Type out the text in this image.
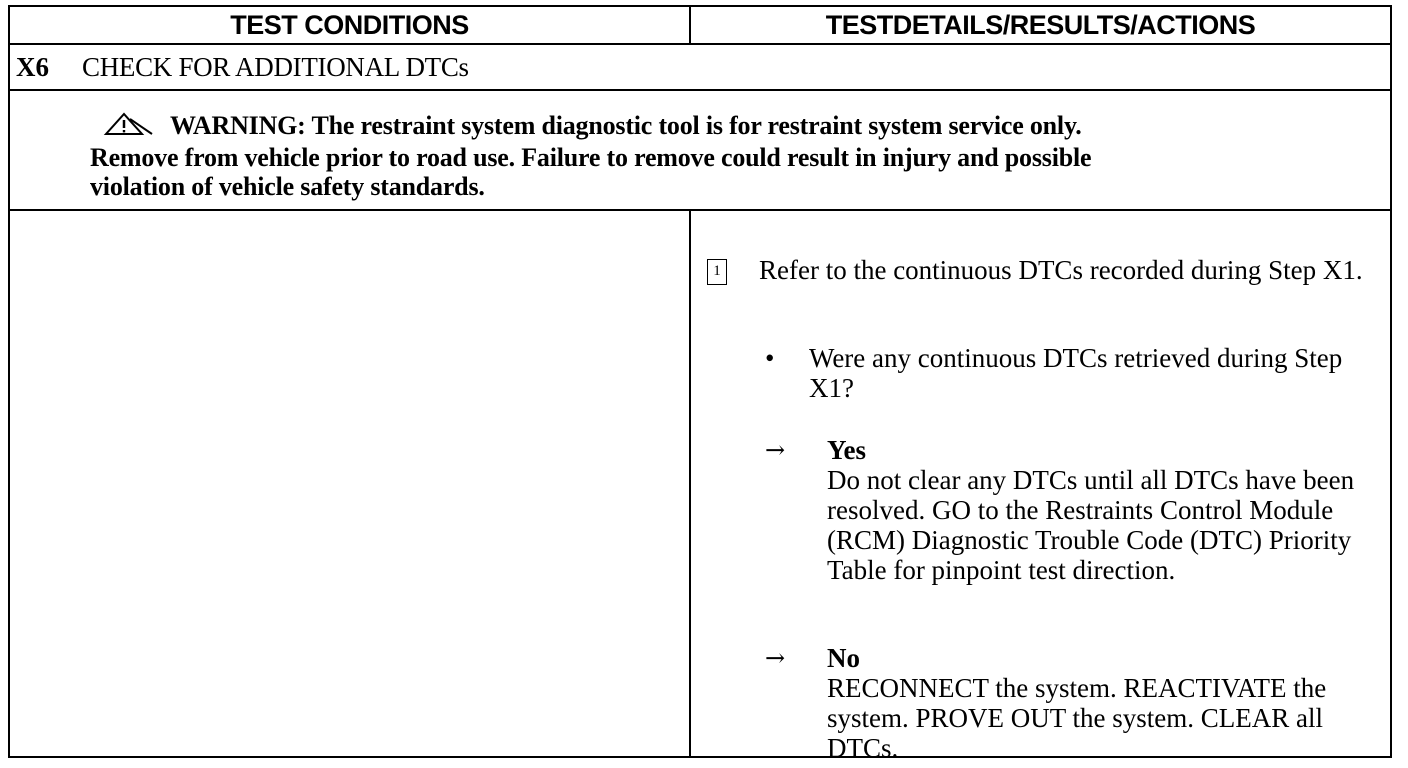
TEST CONDITIONS	TESTDETAILS/RESULTS/ACTIONS
X6	CHECK FOR ADDITIONAL DTCs
WARNING: The restraint system diagnostic tool is for restraint system service only.
Remove from vehicle prior to road use. Failure to remove could result in injury and possible
violation of vehicle safety standards.
1 Refer to the continuous DTCs recorded during Step X1.
• Were any continuous DTCs retrieved during Step X1?
→ Yes
Do not clear any DTCs until all DTCs have been resolved. GO to the Restraints Control Module (RCM) Diagnostic Trouble Code (DTC) Priority Table for pinpoint test direction.
→ No
RECONNECT the system. REACTIVATE the system. PROVE OUT the system. CLEAR all DTCs.
